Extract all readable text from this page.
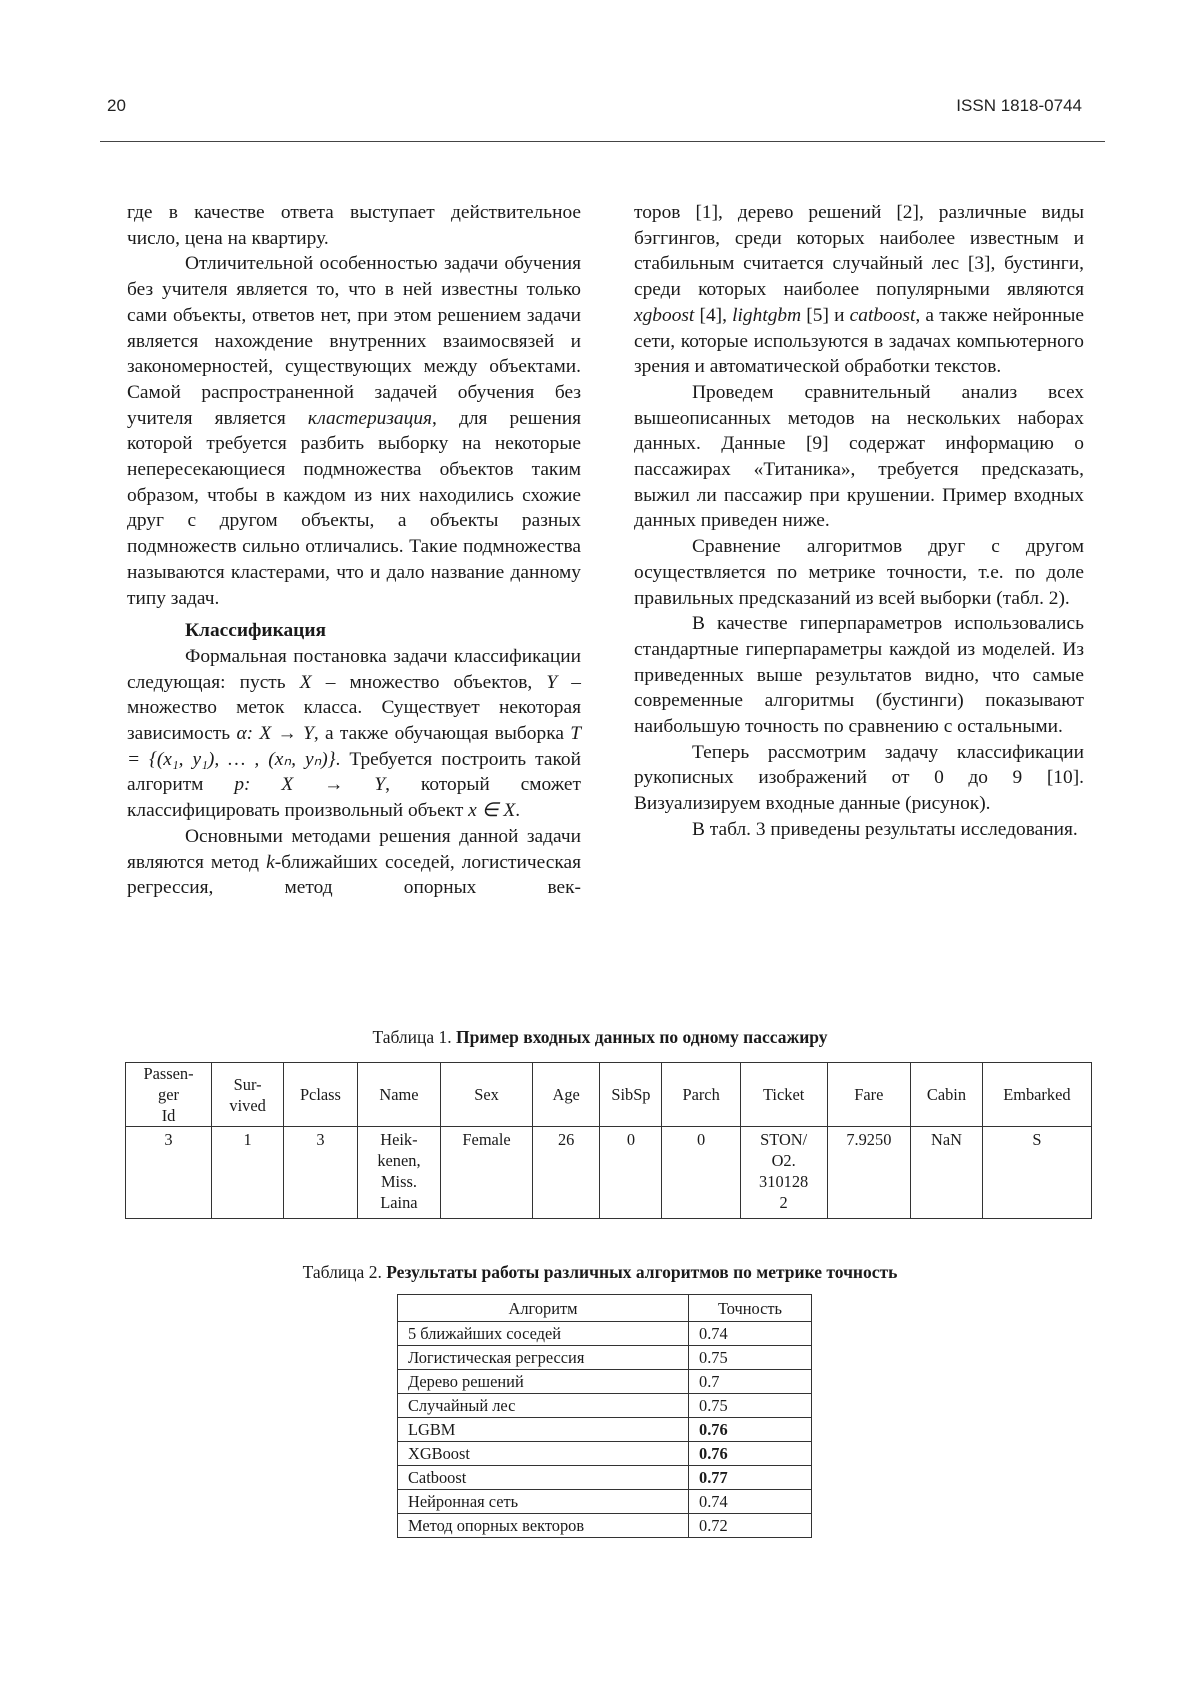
20	ISSN 1818-0744

где в качестве ответа выступает действительное число, цена на квартиру.

Отличительной особенностью задачи обучения без учителя является то, что в ней известны только сами объекты, ответов нет, при этом решением задачи является нахождение внутренних взаимосвязей и закономерностей, существующих между объектами. Самой распространенной задачей обучения без учителя является кластеризация, для решения которой требуется разбить выборку на некоторые непересекающиеся подмножества объектов таким образом, чтобы в каждом из них находились схожие друг с другом объекты, а объекты разных подмножеств сильно отличались. Такие подмножества называются кластерами, что и дало название данному типу задач.

Классификация

Формальная постановка задачи классификации следующая: пусть X – множество объектов, Y – множество меток класса. Существует некоторая зависимость α: X → Y, а также обучающая выборка T = {(x₁, y₁), … , (xₙ, yₙ)}. Требуется построить такой алгоритм p: X → Y, который сможет классифицировать произвольный объект x ∈ X.

Основными методами решения данной задачи являются метод k-ближайших соседей, логистическая регрессия, метод опорных век-

торов [1], дерево решений [2], различные виды бэггингов, среди которых наиболее известным и стабильным считается случайный лес [3], бустинги, среди которых наиболее популярными являются xgboost [4], lightgbm [5] и catboost, а также нейронные сети, которые используются в задачах компьютерного зрения и автоматической обработки текстов.

Проведем сравнительный анализ всех вышеописанных методов на нескольких наборах данных. Данные [9] содержат информацию о пассажирах «Титаника», требуется предсказать, выжил ли пассажир при крушении. Пример входных данных приведен ниже.

Сравнение алгоритмов друг с другом осуществляется по метрике точности, т.е. по доле правильных предсказаний из всей выборки (табл. 2).

В качестве гиперпараметров использовались стандартные гиперпараметры каждой из моделей. Из приведенных выше результатов видно, что самые современные алгоритмы (бустинги) показывают наибольшую точность по сравнению с остальными.

Теперь рассмотрим задачу классификации рукописных изображений от 0 до 9 [10]. Визуализируем входные данные (рисунок).

В табл. 3 приведены результаты исследования.

Таблица 1. Пример входных данных по одному пассажиру
Passen-
ger
Id	Sur-
vived	Pclass	Name	Sex	Age	SibSp	Parch	Ticket	Fare	Cabin	Embarked
3	1	3	Heik-
kenen,
Miss.
Laina	Female	26	0	0	STON/
O2.
310128
2	7.9250	NaN	S
Таблица 2. Результаты работы различных алгоритмов по метрике точность
Алгоритм	Точность
5 ближайших соседей	0.74
Логистическая регрессия	0.75
Дерево решений	0.7
Случайный лес	0.75
LGBM	0.76
XGBoost	0.76
Catboost	0.77
Нейронная сеть	0.74
Метод опорных векторов	0.72
